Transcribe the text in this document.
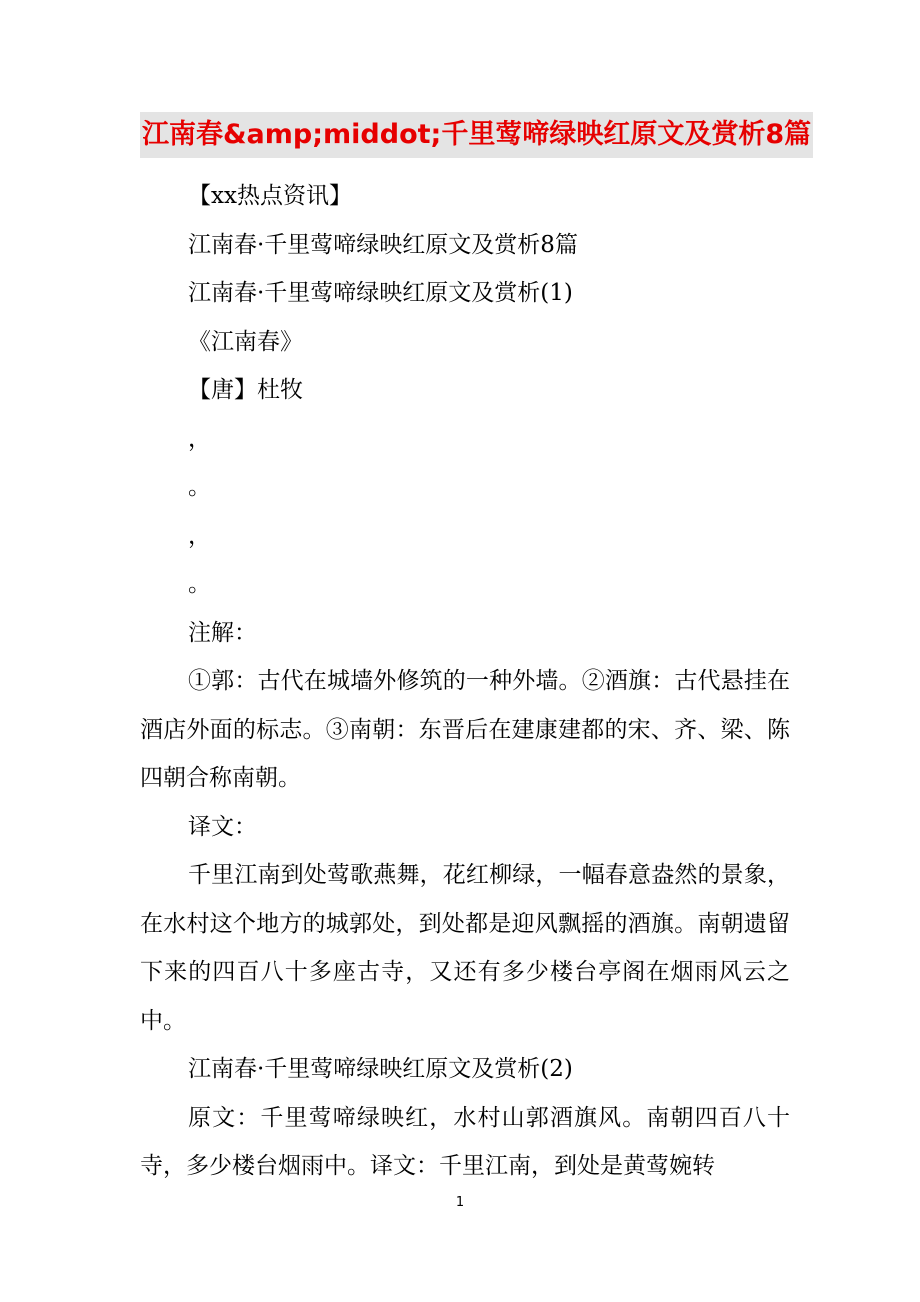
江南春&amp;middot;千里莺啼绿映红原文及赏析8篇

【xx热点资讯】

江南春·千里莺啼绿映红原文及赏析8篇

江南春·千里莺啼绿映红原文及赏析(1)

《江南春》

【唐】杜牧

，

。

，

。

注解：

①郭：古代在城墙外修筑的一种外墙。②酒旗：古代悬挂在酒店外面的标志。③南朝：东晋后在建康建都的宋、齐、梁、陈四朝合称南朝。

译文：

千里江南到处莺歌燕舞，花红柳绿，一幅春意盎然的景象，在水村这个地方的城郭处，到处都是迎风飘摇的酒旗。南朝遗留下来的四百八十多座古寺，又还有多少楼台亭阁在烟雨风云之中。

江南春·千里莺啼绿映红原文及赏析(2)

原文：千里莺啼绿映红，水村山郭酒旗风。南朝四百八十寺，多少楼台烟雨中。译文：千里江南，到处是黄莺婉转

1
